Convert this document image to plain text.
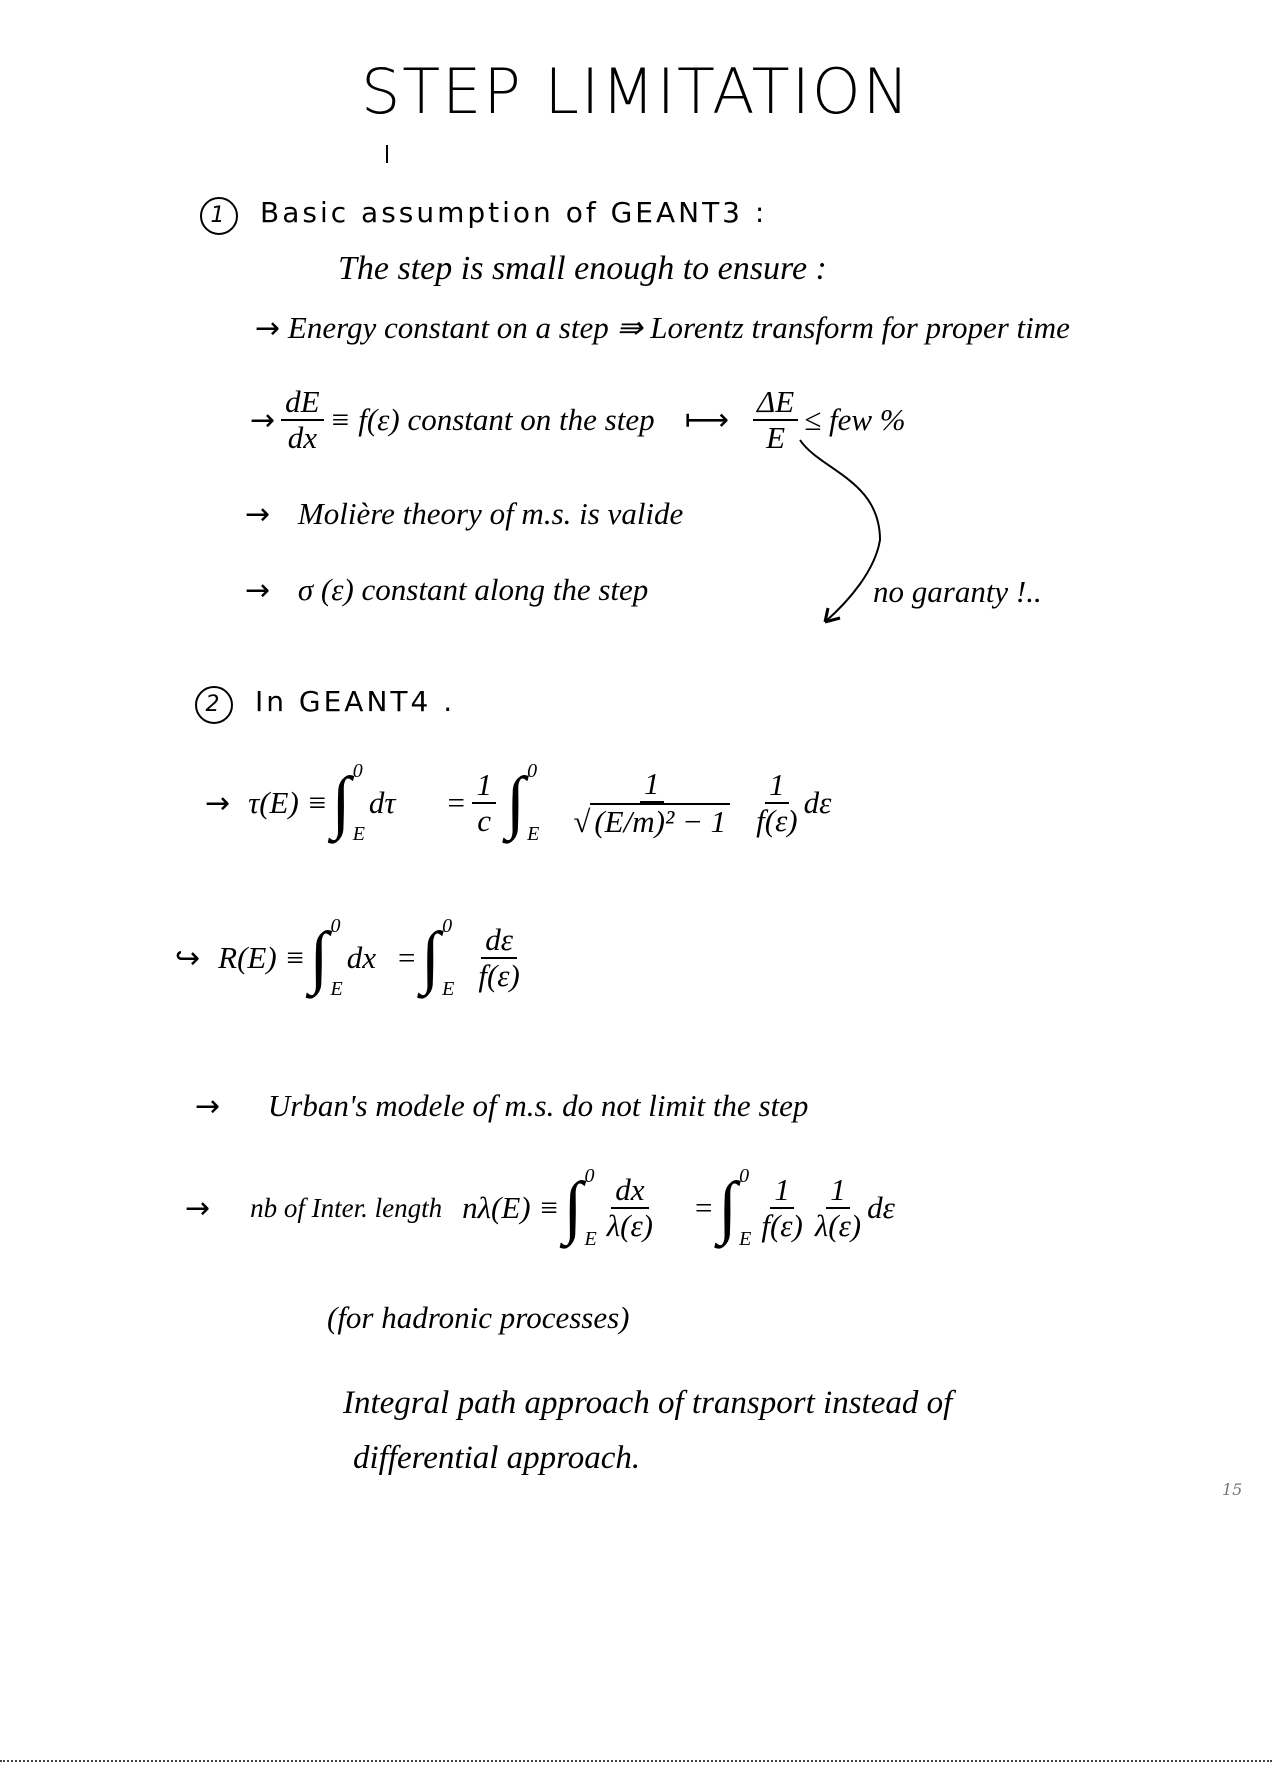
STEP LIMITATION
1 Basic assumption of GEANT3 :
The step is small enough to ensure :
→ Energy constant on a step ⇛ Lorentz transform for proper time
→ $\frac{dE}{dx} \equiv f(\varepsilon)$ constant on the step ⟼ $\frac{\Delta E}{E}$ ≤ few %
→ Molière theory of m.s. is valide
→ σ (ε) constant along the step	no garanty !..
2 In GEANT4 .
→ τ(E) ≡ ∫ 0
E
$d\tau = \frac{1}{c}$ ∫ 0
E $\frac{1}{\text{√ (E/m)² − 1}} \frac{1}{f(\varepsilon)}$ dε
↪ R(E) ≡ ∫ 0
E
dx = ∫ 0
E $\frac{d\varepsilon}{f(\varepsilon)}$
→ Urban's modele of m.s. do not limit the step
→ nb of Inter. length nλ(E) ≡ ∫ 0
E $\frac{dx}{\lambda(\varepsilon)}$ = ∫ 0
E $\frac{1}{f(\varepsilon)} \frac{1}{\lambda(\varepsilon)}$ dε
(for hadronic processes)
Integral path approach of transport instead of
differential approach.
15
